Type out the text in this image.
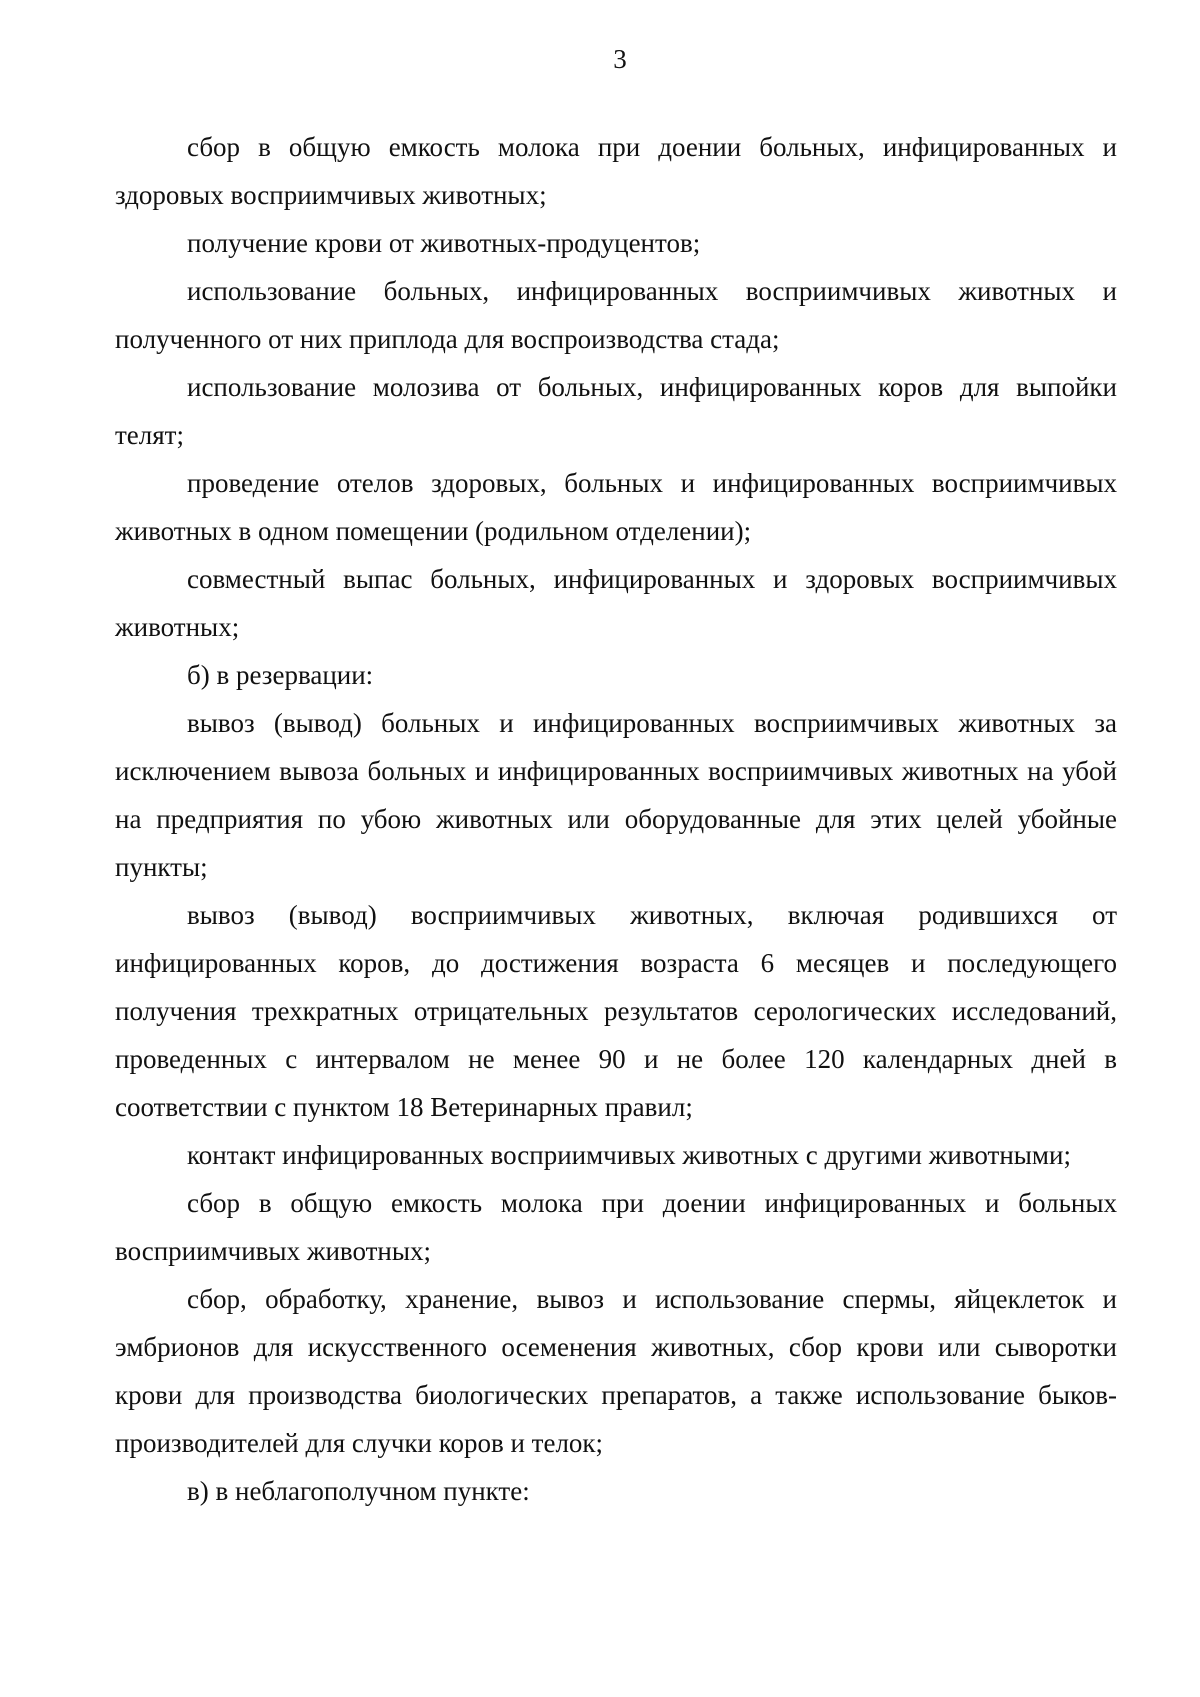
3

сбор в общую емкость молока при доении больных, инфицированных и здоровых восприимчивых животных;

получение крови от животных-продуцентов;

использование больных, инфицированных восприимчивых животных и полученного от них приплода для воспроизводства стада;

использование молозива от больных, инфицированных коров для выпойки телят;

проведение отелов здоровых, больных и инфицированных восприимчивых животных в одном помещении (родильном отделении);

совместный выпас больных, инфицированных и здоровых восприимчивых животных;

б) в резервации:

вывоз (вывод) больных и инфицированных восприимчивых животных за исключением вывоза больных и инфицированных восприимчивых животных на убой на предприятия по убою животных или оборудованные для этих целей убойные пункты;

вывоз (вывод) восприимчивых животных, включая родившихся от инфицированных коров, до достижения возраста 6 месяцев и последующего получения трехкратных отрицательных результатов серологических исследований, проведенных с интервалом не менее 90 и не более 120 календарных дней в соответствии с пунктом 18 Ветеринарных правил;

контакт инфицированных восприимчивых животных с другими животными;

сбор в общую емкость молока при доении инфицированных и больных восприимчивых животных;

сбор, обработку, хранение, вывоз и использование спермы, яйцеклеток и эмбрионов для искусственного осеменения животных, сбор крови или сыворотки крови для производства биологических препаратов, а также использование быков-производителей для случки коров и телок;

в) в неблагополучном пункте:
